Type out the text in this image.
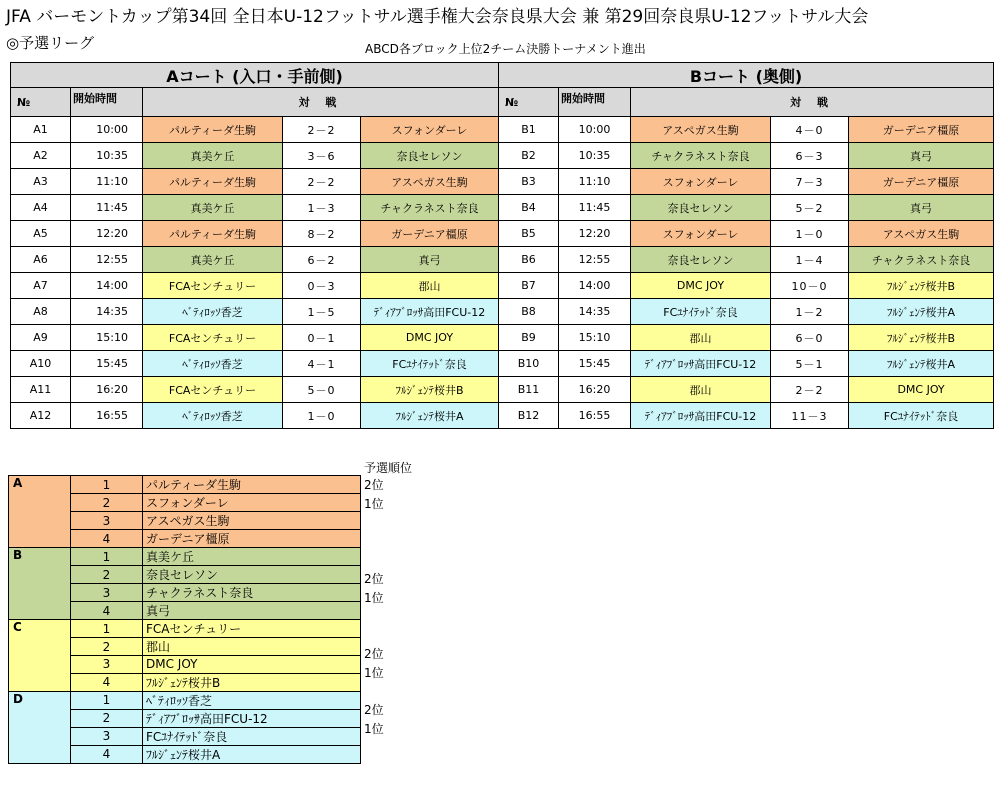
JFA バーモントカップ第34回 全日本U-12フットサル選手権大会奈良県大会 兼 第29回奈良県U-12フットサル大会
◎予選リーグ	ABCD各ブロック上位2チーム決勝トーナメント進出
Aコート (入口・手前側)					Bコート (奥側)				
№	開始時間	対 戦			№	開始時間	対 戦		
A1	10:00	パルティーダ生駒	2－2	スフォンダーレ	B1	10:00	アスペガス生駒	4－0	ガーデニア橿原
A2	10:35	真美ケ丘	3－6	奈良セレソン	B2	10:35	チャクラネスト奈良	6－3	真弓
A3	11:10	パルティーダ生駒	2－2	アスペガス生駒	B3	11:10	スフォンダーレ	7－3	ガーデニア橿原
A4	11:45	真美ケ丘	1－3	チャクラネスト奈良	B4	11:45	奈良セレソン	5－2	真弓
A5	12:20	パルティーダ生駒	8－2	ガーデニア橿原	B5	12:20	スフォンダーレ	1－0	アスペガス生駒
A6	12:55	真美ケ丘	6－2	真弓	B6	12:55	奈良セレソン	1－4	チャクラネスト奈良
A7	14:00	FCAセンチュリー	0－3	郡山	B7	14:00	DMC JOY	10－0	ﾌﾙｼﾞｪﾝﾃ桜井B
A8	14:35	ﾍﾞﾃｨﾛｯｿ香芝	1－5	ﾃﾞｨｱﾌﾞﾛｯｻ高田FCU-12	B8	14:35	FCﾕﾅｲﾃｯﾄﾞ奈良	1－2	ﾌﾙｼﾞｪﾝﾃ桜井A
A9	15:10	FCAセンチュリー	0－1	DMC JOY	B9	15:10	郡山	6－0	ﾌﾙｼﾞｪﾝﾃ桜井B
A10	15:45	ﾍﾞﾃｨﾛｯｿ香芝	4－1	FCﾕﾅｲﾃｯﾄﾞ奈良	B10	15:45	ﾃﾞｨｱﾌﾞﾛｯｻ高田FCU-12	5－1	ﾌﾙｼﾞｪﾝﾃ桜井A
A11	16:20	FCAセンチュリー	5－0	ﾌﾙｼﾞｪﾝﾃ桜井B	B11	16:20	郡山	2－2	DMC JOY
A12	16:55	ﾍﾞﾃｨﾛｯｿ香芝	1－0	ﾌﾙｼﾞｪﾝﾃ桜井A	B12	16:55	ﾃﾞｨｱﾌﾞﾛｯｻ高田FCU-12	11－3	FCﾕﾅｲﾃｯﾄﾞ奈良
予選順位
A	1	パルティーダ生駒
	2	スフォンダーレ
	3	アスペガス生駒
	4	ガーデニア橿原
B	1	真美ケ丘
	2	奈良セレソン
	3	チャクラネスト奈良
	4	真弓
C	1	FCAセンチュリー
	2	郡山
	3	DMC JOY
	4	ﾌﾙｼﾞｪﾝﾃ桜井B
D	1	ﾍﾞﾃｨﾛｯｿ香芝
	2	ﾃﾞｨｱﾌﾞﾛｯｻ高田FCU-12
	3	FCﾕﾅｲﾃｯﾄﾞ奈良
	4	ﾌﾙｼﾞｪﾝﾃ桜井A
2位
1位
2位
1位
2位
1位
2位
1位
